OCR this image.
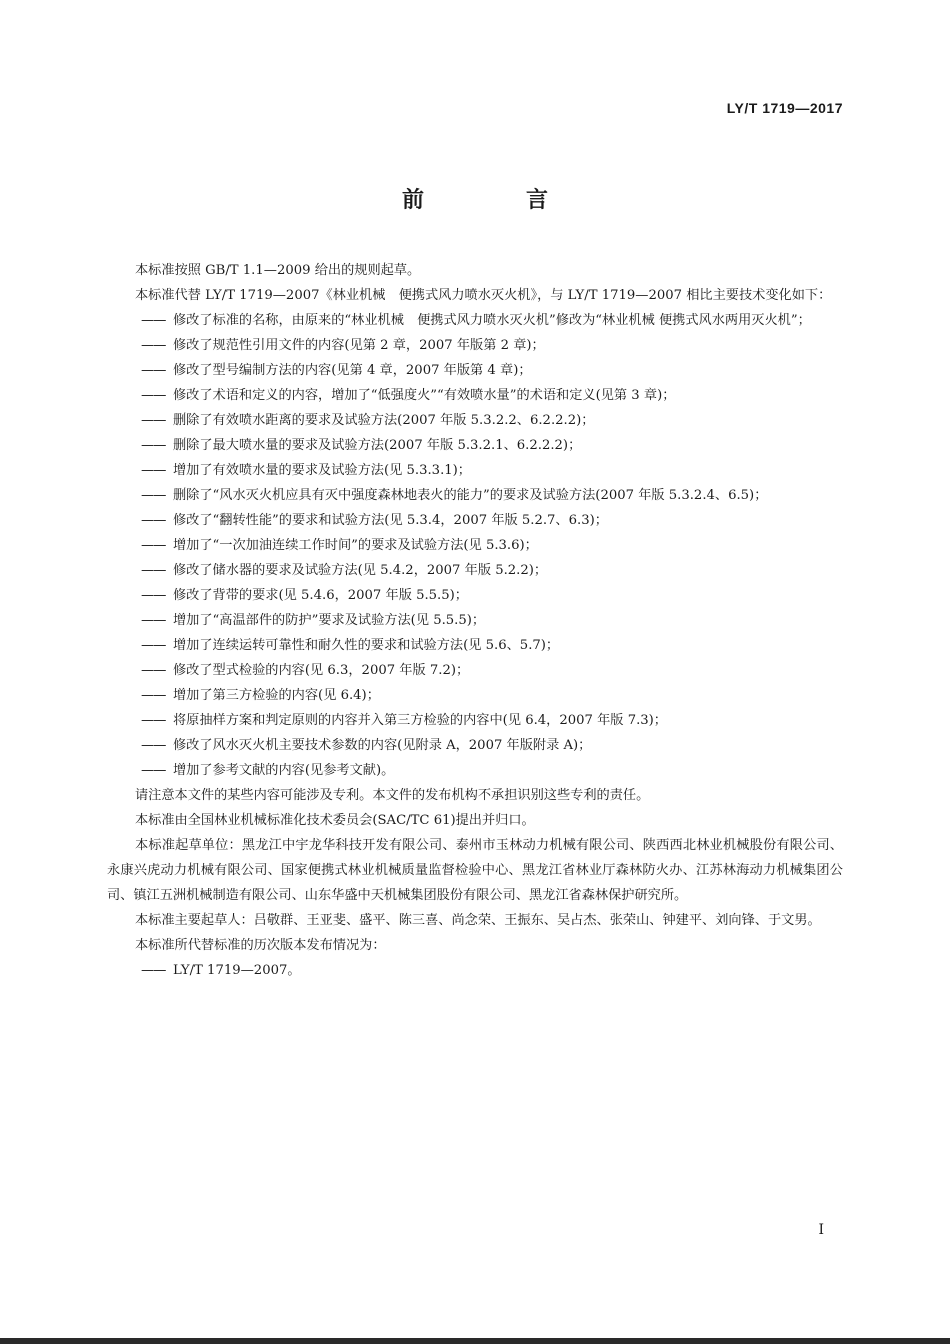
LY/T 1719—2017
前　言

本标准按照 GB/T 1.1—2009 给出的规则起草。

本标准代替 LY/T 1719—2007《林业机械　便携式风力喷水灭火机》，与 LY/T 1719—2007 相比主要技术变化如下：

—— 修改了标准的名称，由原来的“林业机械　便携式风力喷水灭火机”修改为“林业机械 便携式风水两用灭火机”；

—— 修改了规范性引用文件的内容(见第 2 章，2007 年版第 2 章)；

—— 修改了型号编制方法的内容(见第 4 章，2007 年版第 4 章)；

—— 修改了术语和定义的内容，增加了“低强度火”“有效喷水量”的术语和定义(见第 3 章)；

—— 删除了有效喷水距离的要求及试验方法(2007 年版 5.3.2.2、6.2.2.2)；

—— 删除了最大喷水量的要求及试验方法(2007 年版 5.3.2.1、6.2.2.2)；

—— 增加了有效喷水量的要求及试验方法(见 5.3.3.1)；

—— 删除了“风水灭火机应具有灭中强度森林地表火的能力”的要求及试验方法(2007 年版 5.3.2.4、6.5)；

—— 修改了“翻转性能”的要求和试验方法(见 5.3.4，2007 年版 5.2.7、6.3)；

—— 增加了“一次加油连续工作时间”的要求及试验方法(见 5.3.6)；

—— 修改了储水器的要求及试验方法(见 5.4.2，2007 年版 5.2.2)；

—— 修改了背带的要求(见 5.4.6，2007 年版 5.5.5)；

—— 增加了“高温部件的防护”要求及试验方法(见 5.5.5)；

—— 增加了连续运转可靠性和耐久性的要求和试验方法(见 5.6、5.7)；

—— 修改了型式检验的内容(见 6.3，2007 年版 7.2)；

—— 增加了第三方检验的内容(见 6.4)；

—— 将原抽样方案和判定原则的内容并入第三方检验的内容中(见 6.4，2007 年版 7.3)；

—— 修改了风水灭火机主要技术参数的内容(见附录 A，2007 年版附录 A)；

—— 增加了参考文献的内容(见参考文献)。

请注意本文件的某些内容可能涉及专利。本文件的发布机构不承担识别这些专利的责任。

本标准由全国林业机械标准化技术委员会(SAC/TC 61)提出并归口。

本标准起草单位：黑龙江中宇龙华科技开发有限公司、泰州市玉林动力机械有限公司、陕西西北林业机械股份有限公司、永康兴虎动力机械有限公司、国家便携式林业机械质量监督检验中心、黑龙江省林业厅森林防火办、江苏林海动力机械集团公司、镇江五洲机械制造有限公司、山东华盛中天机械集团股份有限公司、黑龙江省森林保护研究所。

本标准主要起草人：吕敬群、王亚斐、盛平、陈三喜、尚念荣、王振东、吴占杰、张荣山、钟建平、刘向锋、于文男。

本标准所代替标准的历次版本发布情况为：

—— LY/T 1719—2007。

I
